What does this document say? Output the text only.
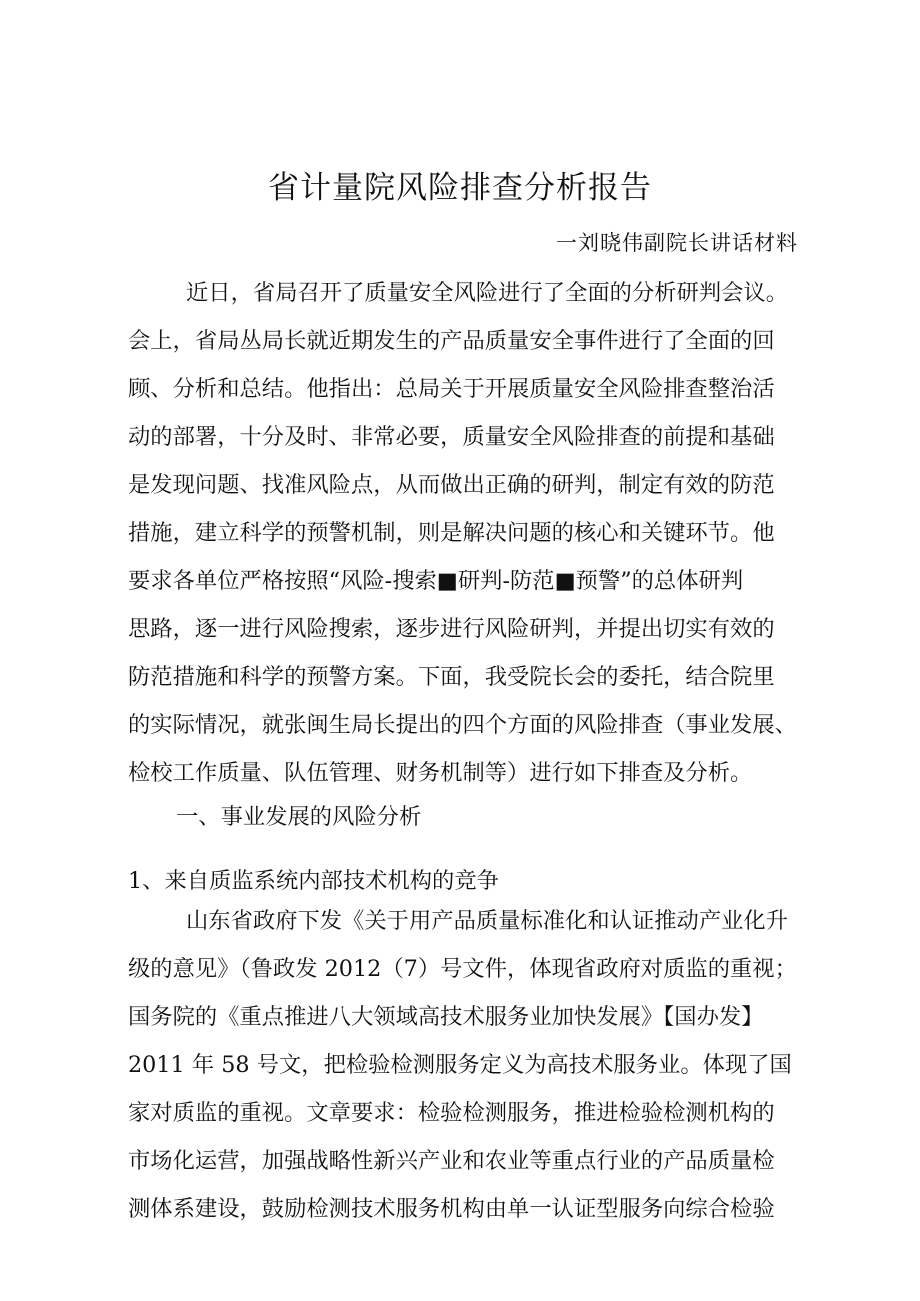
省计量院风险排查分析报告
一刘晓伟副院长讲话材料
近日，省局召开了质量安全风险进行了全面的分析研判会议。
会上，省局丛局长就近期发生的产品质量安全事件进行了全面的回
顾、分析和总结。他指出：总局关于开展质量安全风险排查整治活
动的部署，十分及时、非常必要，质量安全风险排查的前提和基础
是发现问题、找准风险点，从而做出正确的研判，制定有效的防范
措施，建立科学的预警机制，则是解决问题的核心和关键环节。他
要求各单位严格按照“风险-搜索■研判-防范■预警”的总体研判
思路，逐一进行风险搜索，逐步进行风险研判，并提出切实有效的
防范措施和科学的预警方案。下面，我受院长会的委托，结合院里
的实际情况，就张闽生局长提出的四个方面的风险排查（事业发展、
检校工作质量、队伍管理、财务机制等）进行如下排查及分析。
一、事业发展的风险分析
1、来自质监系统内部技术机构的竞争
山东省政府下发《关于用产品质量标准化和认证推动产业化升
级的意见》（鲁政发 2012（7）号文件，体现省政府对质监的重视；
国务院的《重点推进八大领域高技术服务业加快发展》【国办发】
2011 年 58 号文，把检验检测服务定义为高技术服务业。体现了国
家对质监的重视。文章要求：检验检测服务，推进检验检测机构的
市场化运营，加强战略性新兴产业和农业等重点行业的产品质量检
测体系建设，鼓励检测技术服务机构由单一认证型服务向综合检验
